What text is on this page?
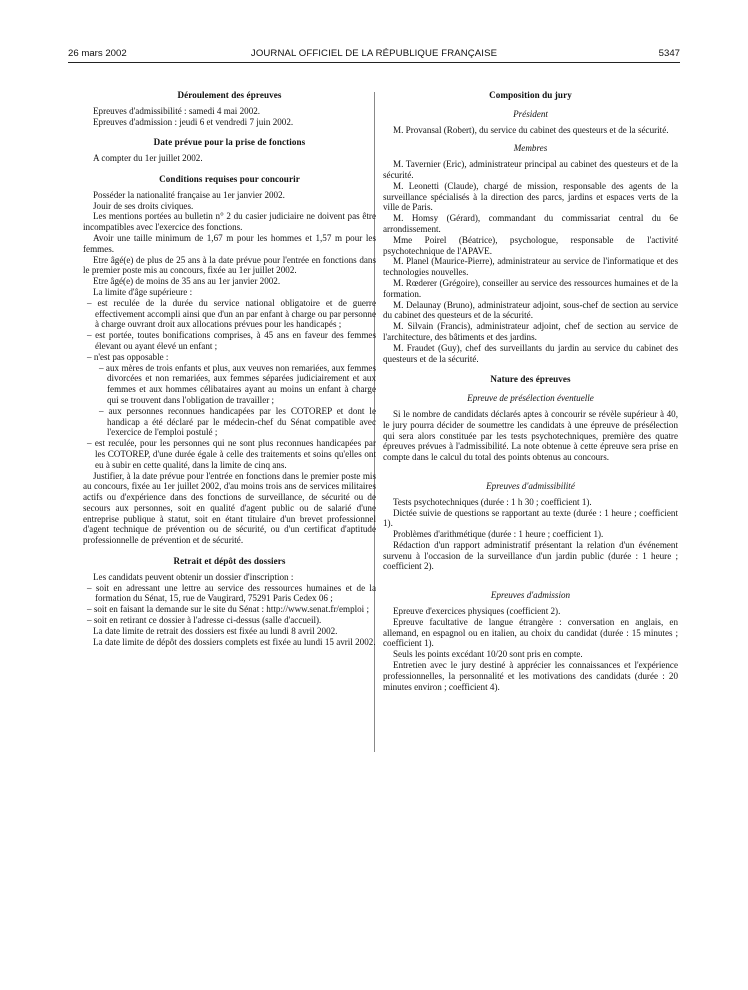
26 mars 2002	JOURNAL OFFICIEL DE LA RÉPUBLIQUE FRANÇAISE	5347
Déroulement des épreuves

Epreuves d'admissibilité : samedi 4 mai 2002.

Epreuves d'admission : jeudi 6 et vendredi 7 juin 2002.

Date prévue pour la prise de fonctions

A compter du 1er juillet 2002.

Conditions requises pour concourir

Posséder la nationalité française au 1er janvier 2002.

Jouir de ses droits civiques.

Les mentions portées au bulletin n° 2 du casier judiciaire ne doivent pas être incompatibles avec l'exercice des fonctions.

Avoir une taille minimum de 1,67 m pour les hommes et 1,57 m pour les femmes.

Etre âgé(e) de plus de 25 ans à la date prévue pour l'entrée en fonctions dans le premier poste mis au concours, fixée au 1er juillet 2002.

Etre âgé(e) de moins de 35 ans au 1er janvier 2002.

La limite d'âge supérieure :

– est reculée de la durée du service national obligatoire et de guerre effectivement accompli ainsi que d'un an par enfant à charge ou par personne à charge ouvrant droit aux allocations prévues pour les handicapés ;

– est portée, toutes bonifications comprises, à 45 ans en faveur des femmes élevant ou ayant élevé un enfant ;

– n'est pas opposable :

– aux mères de trois enfants et plus, aux veuves non remariées, aux femmes divorcées et non remariées, aux femmes séparées judiciairement et aux femmes et aux hommes célibataires ayant au moins un enfant à charge qui se trouvent dans l'obligation de travailler ;

– aux personnes reconnues handicapées par les COTOREP et dont le handicap a été déclaré par le médecin-chef du Sénat compatible avec l'exercice de l'emploi postulé ;

– est reculée, pour les personnes qui ne sont plus reconnues handicapées par les COTOREP, d'une durée égale à celle des traitements et soins qu'elles ont eu à subir en cette qualité, dans la limite de cinq ans.

Justifier, à la date prévue pour l'entrée en fonctions dans le premier poste mis au concours, fixée au 1er juillet 2002, d'au moins trois ans de services militaires actifs ou d'expérience dans des fonctions de surveillance, de sécurité ou de secours aux personnes, soit en qualité d'agent public ou de salarié d'une entreprise publique à statut, soit en étant titulaire d'un brevet professionnel d'agent technique de prévention ou de sécurité, ou d'un certificat d'aptitude professionnelle de prévention et de sécurité.

Retrait et dépôt des dossiers

Les candidats peuvent obtenir un dossier d'inscription :

– soit en adressant une lettre au service des ressources humaines et de la formation du Sénat, 15, rue de Vaugirard, 75291 Paris Cedex 06 ;

– soit en faisant la demande sur le site du Sénat : http://www.senat.fr/emploi ;

– soit en retirant ce dossier à l'adresse ci-dessus (salle d'accueil).

La date limite de retrait des dossiers est fixée au lundi 8 avril 2002.

La date limite de dépôt des dossiers complets est fixée au lundi 15 avril 2002.

Composition du jury
Président

M. Provansal (Robert), du service du cabinet des questeurs et de la sécurité.

Membres

M. Tavernier (Eric), administrateur principal au cabinet des questeurs et de la sécurité.

M. Leonetti (Claude), chargé de mission, responsable des agents de la surveillance spécialisés à la direction des parcs, jardins et espaces verts de la ville de Paris.

M. Homsy (Gérard), commandant du commissariat central du 6e arrondissement.

Mme Poirel (Béatrice), psychologue, responsable de l'activité psychotechnique de l'APAVE.

M. Planel (Maurice-Pierre), administrateur au service de l'informatique et des technologies nouvelles.

M. Rœderer (Grégoire), conseiller au service des ressources humaines et de la formation.

M. Delaunay (Bruno), administrateur adjoint, sous-chef de section au service du cabinet des questeurs et de la sécurité.

M. Silvain (Francis), administrateur adjoint, chef de section au service de l'architecture, des bâtiments et des jardins.

M. Fraudet (Guy), chef des surveillants du jardin au service du cabinet des questeurs et de la sécurité.

Nature des épreuves
Epreuve de présélection éventuelle

Si le nombre de candidats déclarés aptes à concourir se révèle supérieur à 40, le jury pourra décider de soumettre les candidats à une épreuve de présélection qui sera alors constituée par les tests psychotechniques, première des quatre épreuves prévues à l'admissibilité. La note obtenue à cette épreuve sera prise en compte dans le calcul du total des points obtenus au concours.

Epreuves d'admissibilité

Tests psychotechniques (durée : 1 h 30 ; coefficient 1).

Dictée suivie de questions se rapportant au texte (durée : 1 heure ; coefficient 1).

Problèmes d'arithmétique (durée : 1 heure ; coefficient 1).

Rédaction d'un rapport administratif présentant la relation d'un événement survenu à l'occasion de la surveillance d'un jardin public (durée : 1 heure ; coefficient 2).

Epreuves d'admission

Epreuve d'exercices physiques (coefficient 2).

Epreuve facultative de langue étrangère : conversation en anglais, en allemand, en espagnol ou en italien, au choix du candidat (durée : 15 minutes ; coefficient 1).

Seuls les points excédant 10/20 sont pris en compte.

Entretien avec le jury destiné à apprécier les connaissances et l'expérience professionnelles, la personnalité et les motivations des candidats (durée : 20 minutes environ ; coefficient 4).
